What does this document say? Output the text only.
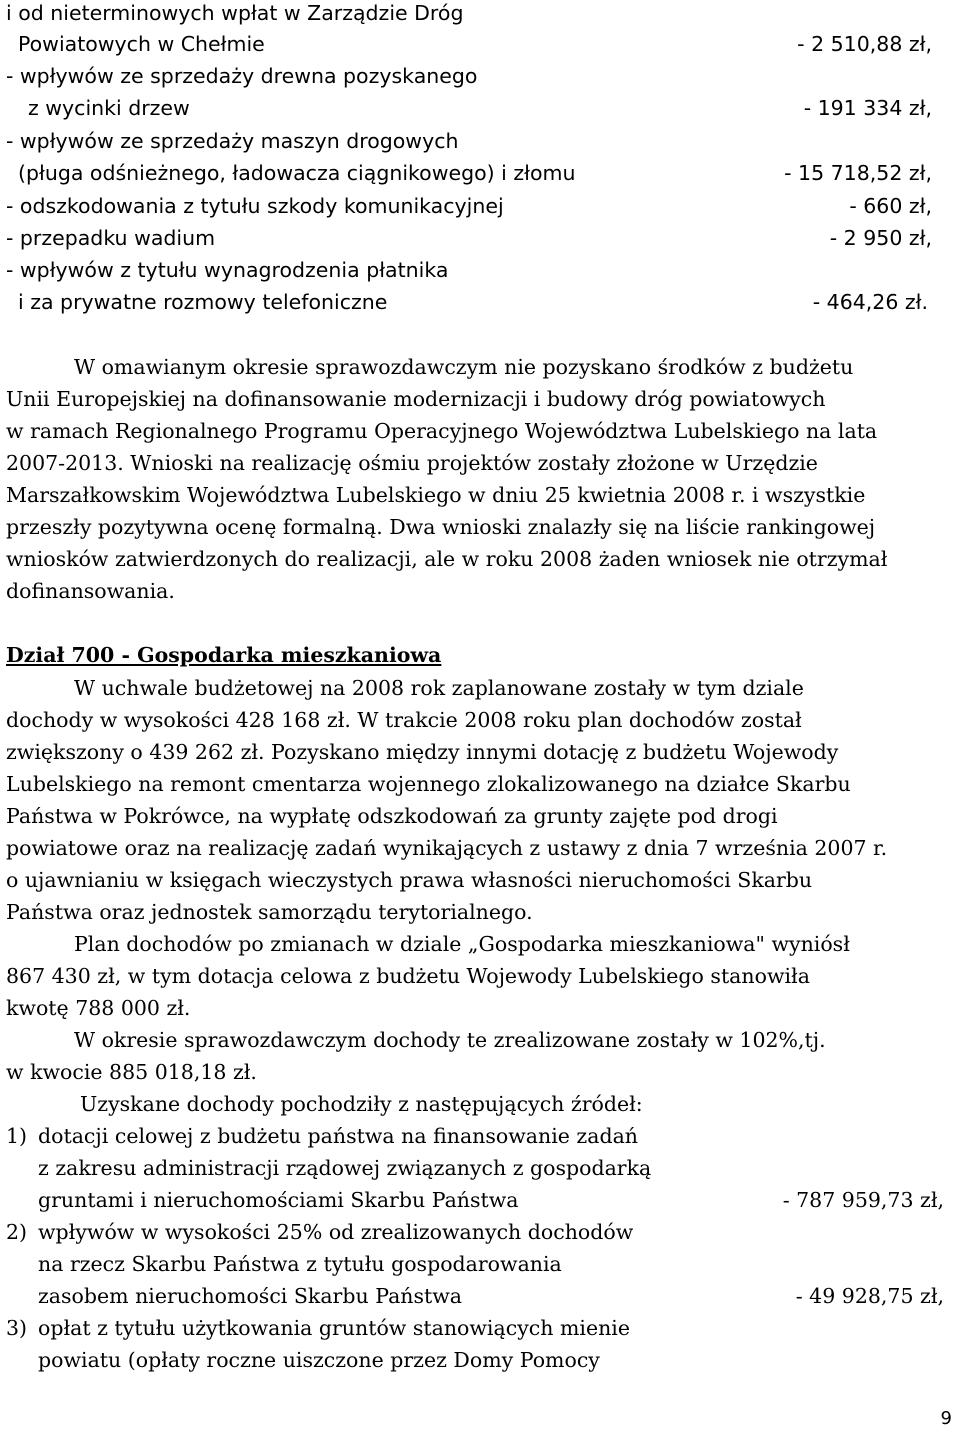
i od nieterminowych wpłat w Zarządzie Dróg
Powiatowych w Chełmie	- 2 510,88 zł,
- wpływów ze sprzedaży drewna pozyskanego
z wycinki drzew	- 191 334 zł,
- wpływów ze sprzedaży maszyn drogowych
(pługa odśnieżnego, ładowacza ciągnikowego) i złomu	- 15 718,52 zł,
- odszkodowania z tytułu szkody komunikacyjnej	- 660 zł,
- przepadku wadium	- 2 950 zł,
- wpływów z tytułu wynagrodzenia płatnika
i za prywatne rozmowy telefoniczne	- 464,26 zł.
W omawianym okresie sprawozdawczym nie pozyskano środków z budżetu
Unii Europejskiej na dofinansowanie modernizacji i budowy dróg powiatowych
w ramach Regionalnego Programu Operacyjnego Województwa Lubelskiego na lata
2007-2013. Wnioski na realizację ośmiu projektów zostały złożone w Urzędzie
Marszałkowskim Województwa Lubelskiego w dniu 25 kwietnia 2008 r. i wszystkie
przeszły pozytywna ocenę formalną. Dwa wnioski znalazły się na liście rankingowej
wniosków zatwierdzonych do realizacji, ale w roku 2008 żaden wniosek nie otrzymał
dofinansowania.
Dział 700 - Gospodarka mieszkaniowa
W uchwale budżetowej na 2008 rok zaplanowane zostały w tym dziale
dochody w wysokości 428 168 zł. W trakcie 2008 roku plan dochodów został
zwiększony o 439 262 zł. Pozyskano między innymi dotację z budżetu Wojewody
Lubelskiego na remont cmentarza wojennego zlokalizowanego na działce Skarbu
Państwa w Pokrówce, na wypłatę odszkodowań za grunty zajęte pod drogi
powiatowe oraz na realizację zadań wynikających z ustawy z dnia 7 września 2007 r.
o ujawnianiu w księgach wieczystych prawa własności nieruchomości Skarbu
Państwa oraz jednostek samorządu terytorialnego.
Plan dochodów po zmianach w dziale „Gospodarka mieszkaniowa" wyniósł
867 430 zł, w tym dotacja celowa z budżetu Wojewody Lubelskiego stanowiła
kwotę 788 000 zł.
W okresie sprawozdawczym dochody te zrealizowane zostały w 102%,tj.
w kwocie 885 018,18 zł.
Uzyskane dochody pochodziły z następujących źródeł:
1) dotacji celowej z budżetu państwa na finansowanie zadań
z zakresu administracji rządowej związanych z gospodarką
gruntami i nieruchomościami Skarbu Państwa	- 787 959,73 zł,
2) wpływów w wysokości 25% od zrealizowanych dochodów
na rzecz Skarbu Państwa z tytułu gospodarowania
zasobem nieruchomości Skarbu Państwa	- 49 928,75 zł,
3) opłat z tytułu użytkowania gruntów stanowiących mienie
powiatu (opłaty roczne uiszczone przez Domy Pomocy
9
